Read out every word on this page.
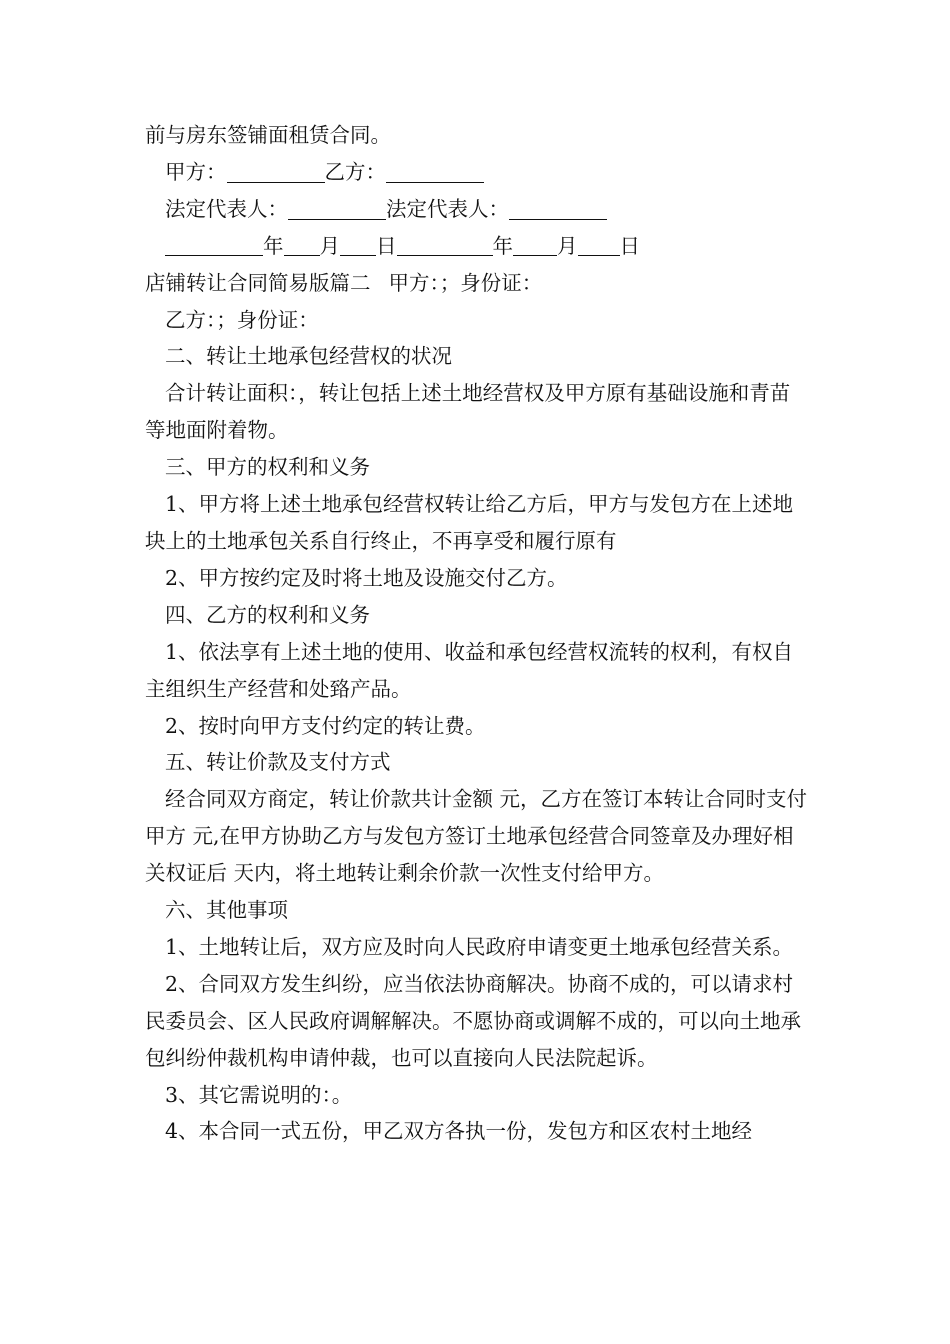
前与房东签铺面租赁合同。

甲方：	乙方：

法定代表人：	法定代表人：

年 月 日	年 月 日

店铺转让合同简易版篇二 甲方：；身份证：

乙方：；身份证：

二、转让土地承包经营权的状况

合计转让面积：，转让包括上述土地经营权及甲方原有基础设施和青苗等地面附着物。

三、甲方的权利和义务

1、甲方将上述土地承包经营权转让给乙方后，甲方与发包方在上述地块上的土地承包关系自行终止，不再享受和履行原有

2、甲方按约定及时将土地及设施交付乙方。

四、乙方的权利和义务

1、依法享有上述土地的使用、收益和承包经营权流转的权利，有权自主组织生产经营和处臵产品。

2、按时向甲方支付约定的转让费。

五、转让价款及支付方式

经合同双方商定，转让价款共计金额 元，乙方在签订本转让合同时支付甲方 元,在甲方协助乙方与发包方签订土地承包经营合同签章及办理好相关权证后 天内，将土地转让剩余价款一次性支付给甲方。

六、其他事项

1、土地转让后，双方应及时向人民政府申请变更土地承包经营关系。

2、合同双方发生纠纷，应当依法协商解决。协商不成的，可以请求村民委员会、区人民政府调解解决。不愿协商或调解不成的，可以向土地承包纠纷仲裁机构申请仲裁，也可以直接向人民法院起诉。

3、其它需说明的：。

4、本合同一式五份，甲乙双方各执一份，发包方和区农村土地经
